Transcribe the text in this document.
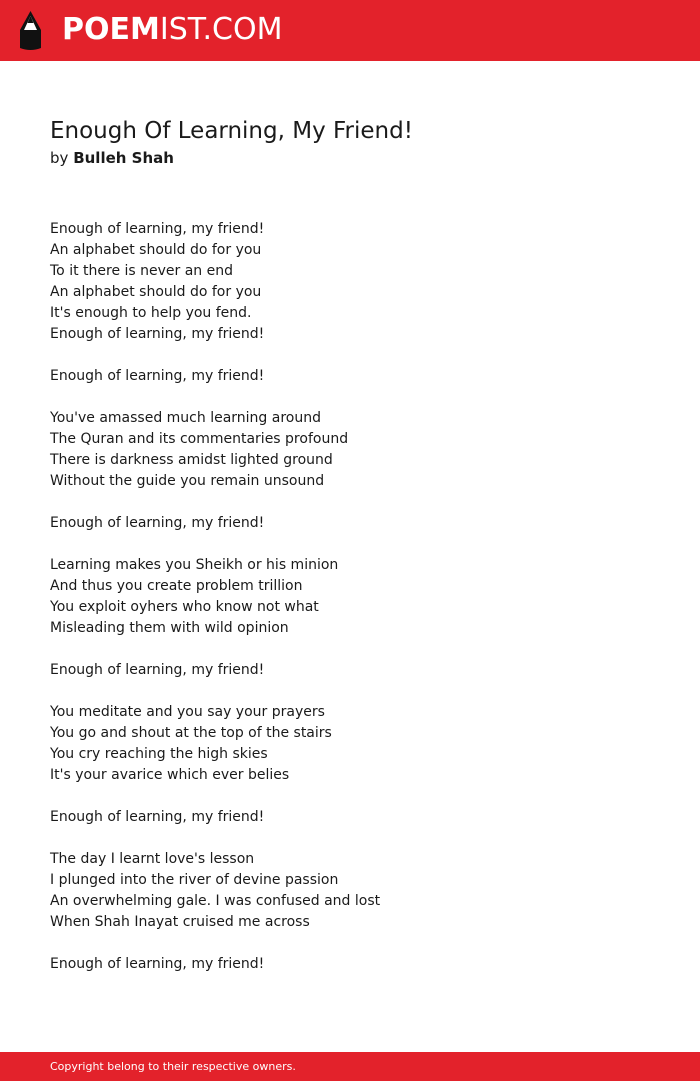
POEMIST.COM
Enough Of Learning, My Friend!
by Bulleh Shah
Enough of learning, my friend!
An alphabet should do for you
To it there is never an end
An alphabet should do for you
It's enough to help you fend.
Enough of learning, my friend!
Enough of learning, my friend!
You've amassed much learning around
The Quran and its commentaries profound
There is darkness amidst lighted ground
Without the guide you remain unsound
Enough of learning, my friend!
Learning makes you Sheikh or his minion
And thus you create problem trillion
You exploit oyhers who know not what
Misleading them with wild opinion
Enough of learning, my friend!
You meditate and you say your prayers
You go and shout at the top of the stairs
You cry reaching the high skies
It's your avarice which ever belies
Enough of learning, my friend!
The day I learnt love's lesson
I plunged into the river of devine passion
An overwhelming gale. I was confused and lost
When Shah Inayat cruised me across
Enough of learning, my friend!
Copyright belong to their respective owners.
